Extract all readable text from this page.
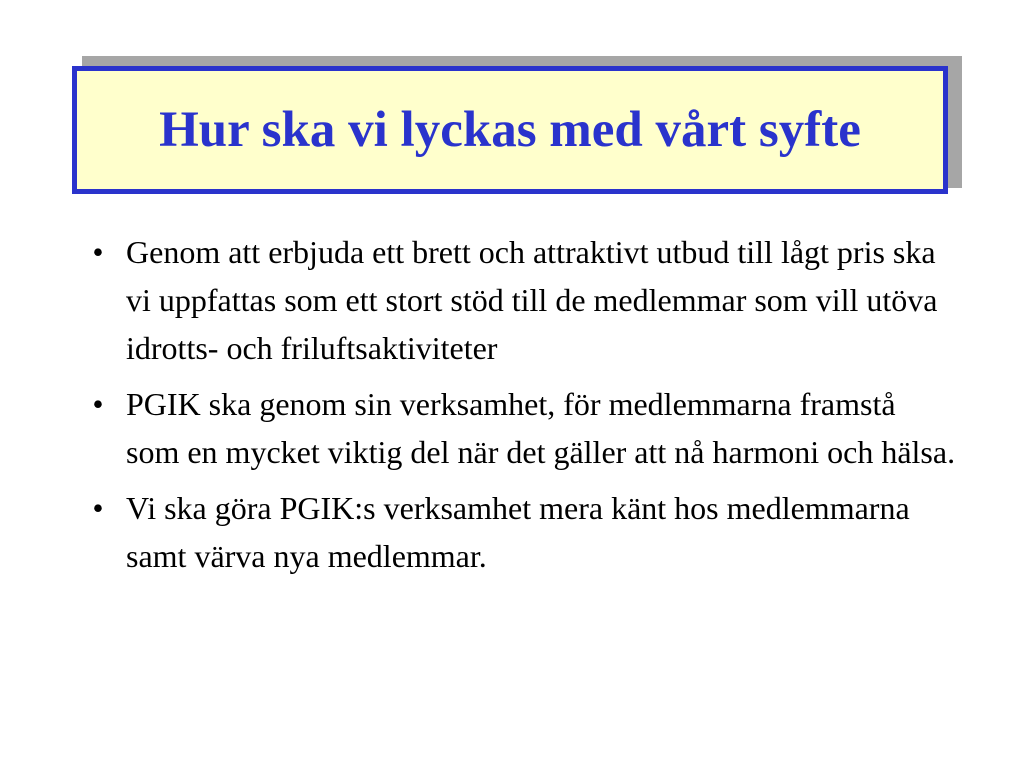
Hur ska vi lyckas med vårt syfte
• Genom att erbjuda ett brett och attraktivt utbud till lågt pris ska vi uppfattas som ett stort stöd till de medlemmar som vill utöva idrotts- och friluftsaktiviteter
• PGIK ska genom sin verksamhet, för medlemmarna framstå som en mycket viktig del när det gäller att nå harmoni och hälsa.
• Vi ska göra PGIK:s verksamhet mera känt hos medlemmarna samt värva nya medlemmar.
